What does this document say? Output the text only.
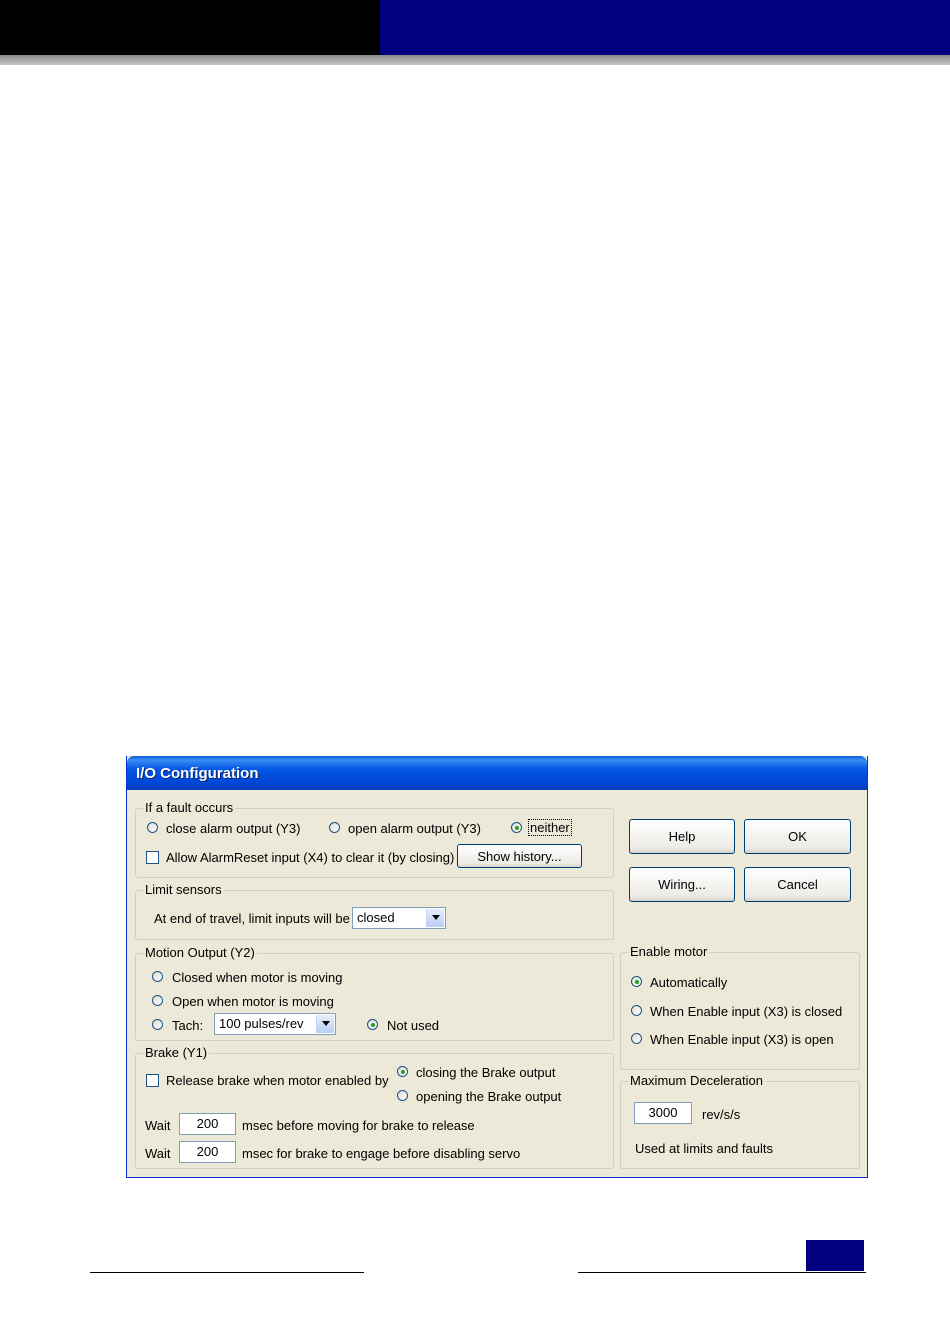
I/O Configuration
If a fault occurs
close alarm output (Y3)	open alarm output (Y3)	neither
Allow AlarmReset input (X4) to clear it (by closing)	Show history...
Limit sensors
At end of travel, limit inputs will be closed
Motion Output (Y2)
Closed when motor is moving
Open when motor is moving
Tach: 100 pulses/rev	Not used
Brake (Y1)
Release brake when motor enabled by
closing the Brake output
opening the Brake output
Wait	200	msec before moving for brake to release
Wait	200	msec for brake to engage before disabling servo
Help	OK
Wiring...	Cancel
Enable motor
Automatically
When Enable input (X3) is closed
When Enable input (X3) is open
Maximum Deceleration
3000	rev/s/s
Used at limits and faults
